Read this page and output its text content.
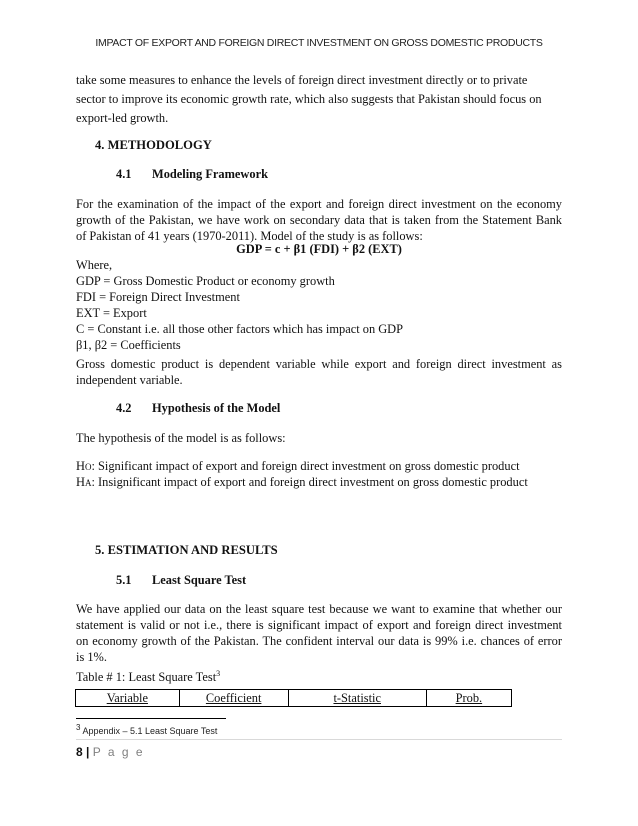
IMPACT OF EXPORT AND FOREIGN DIRECT INVESTMENT ON GROSS DOMESTIC PRODUCTS
take some measures to enhance the levels of foreign direct investment directly or to private
sector to improve its economic growth rate, which also suggests that Pakistan should focus on
export-led growth.
4. METHODOLOGY
4.1 Modeling Framework
For the examination of the impact of the export and foreign direct investment on the economy
growth of the Pakistan, we have work on secondary data that is taken from the Statement Bank
of Pakistan of 41 years (1970-2011). Model of the study is as follows:
GDP = c + β1 (FDI) + β2 (EXT)
Where,
GDP = Gross Domestic Product or economy growth
FDI = Foreign Direct Investment
EXT = Export
C = Constant i.e. all those other factors which has impact on GDP
β1, β2 = Coefficients
Gross domestic product is dependent variable while export and foreign direct investment as
independent variable.
4.2 Hypothesis of the Model
The hypothesis of the model is as follows:
HO: Significant impact of export and foreign direct investment on gross domestic product
HA: Insignificant impact of export and foreign direct investment on gross domestic product
5. ESTIMATION AND RESULTS
5.1 Least Square Test
We have applied our data on the least square test because we want to examine that whether our
statement is valid or not i.e., there is significant impact of export and foreign direct investment
on economy growth of the Pakistan. The confident interval our data is 99% i.e. chances of error
is 1%.
Table # 1: Least Square Test$^3$
Variable	Coefficient	t-Statistic	Prob.
$^3$ Appendix – 5.1 Least Square Test
8 | P a g e
